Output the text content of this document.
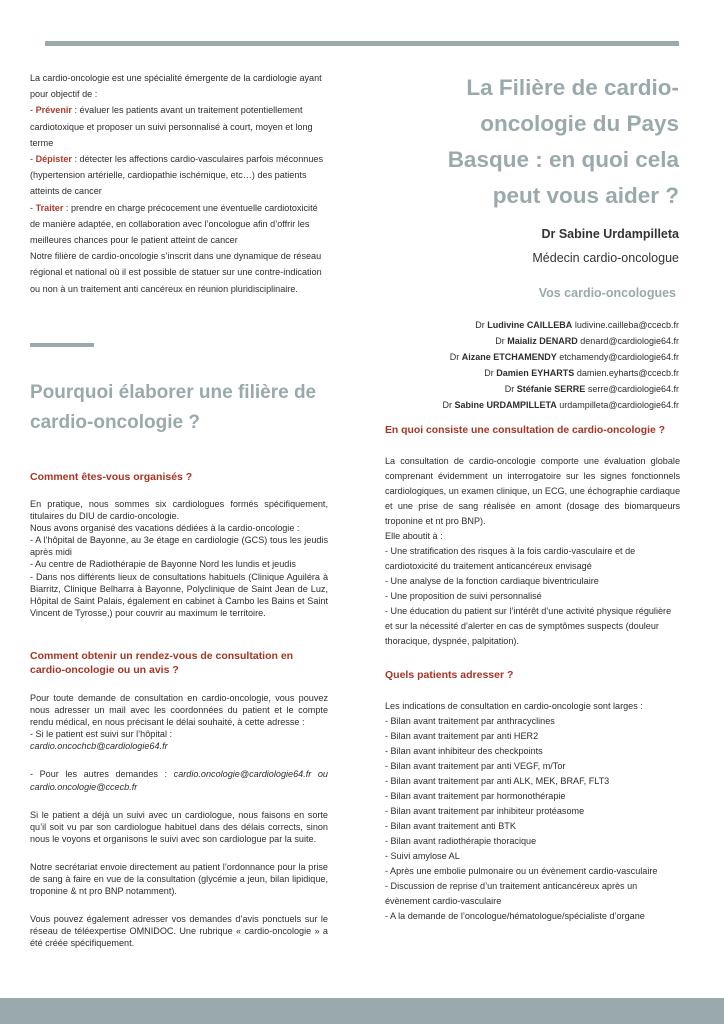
La cardio-oncologie est une spécialité émergente de la cardiologie ayant pour objectif de :

- Prévenir : évaluer les patients avant un traitement potentiellement cardiotoxique et proposer un suivi personnalisé à court, moyen et long terme

- Dépister : détecter les affections cardio-vasculaires parfois méconnues (hypertension artérielle, cardiopathie ischémique, etc…) des patients atteints de cancer

- Traiter : prendre en charge précocement une éventuelle cardiotoxicité de manière adaptée, en collaboration avec l’oncologue afin d’offrir les meilleures chances pour le patient atteint de cancer

Notre filière de cardio-oncologie s’inscrit dans une dynamique de réseau régional et national où il est possible de statuer sur une contre-indication ou non à un traitement anti cancéreux en réunion pluridisciplinaire.

Pourquoi élaborer une filière de cardio-oncologie ?
Comment êtes-vous organisés ?

En pratique, nous sommes six cardiologues formés spécifiquement, titulaires du DIU de cardio-oncologie.

Nous avons organisé des vacations dédiées à la cardio-oncologie :

- A l’hôpital de Bayonne, au 3e étage en cardiologie (GCS) tous les jeudis après midi

- Au centre de Radiothérapie de Bayonne Nord les lundis et jeudis

- Dans nos différents lieux de consultations habituels (Clinique Aguiléra à Biarritz, Clinique Belharra à Bayonne, Polyclinique de Saint Jean de Luz, Hôpital de Saint Palais, également en cabinet à Cambo les Bains et Saint Vincent de Tyrosse,) pour couvrir au maximum le territoire.

Comment obtenir un rendez-vous de consultation en cardio-oncologie ou un avis ?

Pour toute demande de consultation en cardio-oncologie, vous pouvez nous adresser un mail avec les coordonnées du patient et le compte rendu médical, en nous précisant le délai souhaité, à cette adresse :

- Si le patient est suivi sur l’hôpital :

cardio.oncochcb@cardiologie64.fr

- Pour les autres demandes : cardio.oncologie@cardiologie64.fr ou cardio.oncologie@ccecb.fr

Si le patient a déjà un suivi avec un cardiologue, nous faisons en sorte qu’il soit vu par son cardiologue habituel dans des délais corrects, sinon nous le voyons et organisons le suivi avec son cardiologue par la suite.

Notre secrétariat envoie directement au patient l’ordonnance pour la prise de sang à faire en vue de la consultation (glycémie a jeun, bilan lipidique, troponine & nt pro BNP notamment).

Vous pouvez également adresser vos demandes d’avis ponctuels sur le réseau de téléexpertise OMNIDOC. Une rubrique « cardio-oncologie » a été créée spécifiquement.

La Filière de cardio-oncologie du Pays Basque : en quoi cela peut vous aider ?
Dr Sabine Urdampilleta
Médecin cardio-oncologue
Vos cardio-oncologues
Dr Ludivine CAILLEBA ludivine.cailleba@ccecb.fr
Dr Maializ DENARD denard@cardiologie64.fr
Dr Aizane ETCHAMENDY etchamendy@cardiologie64.fr
Dr Damien EYHARTS damien.eyharts@ccecb.fr
Dr Stéfanie SERRE serre@cardiologie64.fr
Dr Sabine URDAMPILLETA urdampilleta@cardiologie64.fr
En quoi consiste une consultation de cardio-oncologie ?

La consultation de cardio-oncologie comporte une évaluation globale comprenant évidemment un interrogatoire sur les signes fonctionnels cardiologiques, un examen clinique, un ECG, une échographie cardiaque et une prise de sang réalisée en amont (dosage des biomarqueurs troponine et nt pro BNP).

Elle aboutit à :

- Une stratification des risques à la fois cardio-vasculaire et de cardiotoxicité du traitement anticancéreux envisagé

- Une analyse de la fonction cardiaque biventriculaire

- Une proposition de suivi personnalisé

- Une éducation du patient sur l’intérêt d’une activité physique régulière et sur la nécessité d’alerter en cas de symptômes suspects (douleur thoracique, dyspnée, palpitation).

Quels patients adresser ?

Les indications de consultation en cardio-oncologie sont larges :

- Bilan avant traitement par anthracyclines

- Bilan avant traitement par anti HER2

- Bilan avant inhibiteur des checkpoints

- Bilan avant traitement par anti VEGF, m/Tor

- Bilan avant traitement par anti ALK, MEK, BRAF, FLT3

- Bilan avant traitement par hormonothérapie

- Bilan avant traitement par inhibiteur protéasome

- Bilan avant traitement anti BTK

- Bilan avant radiothérapie thoracique

- Suivi amylose AL

- Après une embolie pulmonaire ou un évènement cardio-vasculaire

- Discussion de reprise d’un traitement anticancéreux après un évènement cardio-vasculaire

- A la demande de l’oncologue/hématologue/spécialiste d’organe
